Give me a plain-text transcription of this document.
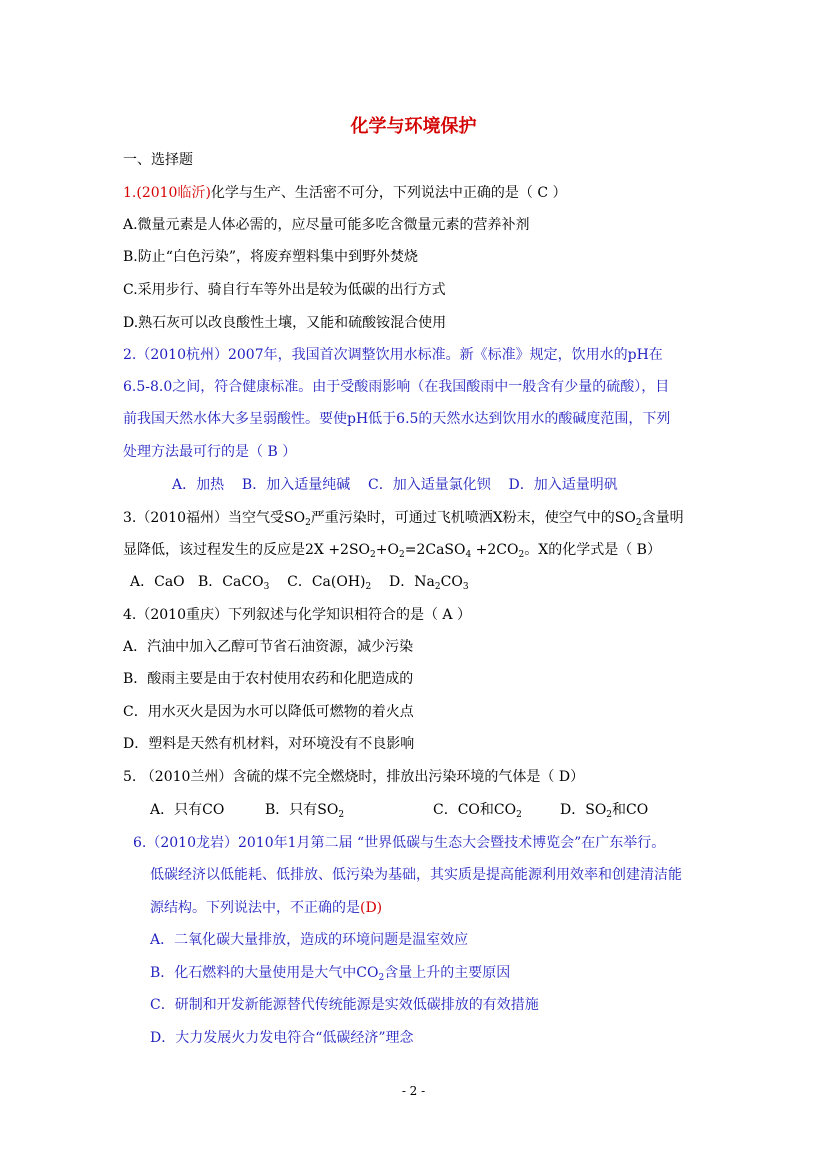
化学与环境保护
一、选择题
1.(2010临沂)化学与生产、生活密不可分，下列说法中正确的是（ C ）
A.微量元素是人体必需的，应尽量可能多吃含微量元素的营养补剂
B.防止“白色污染”，将废弃塑料集中到野外焚烧
C.采用步行、骑自行车等外出是较为低碳的出行方式
D.熟石灰可以改良酸性土壤，又能和硫酸铵混合使用
2.（2010杭州）2007年，我国首次调整饮用水标准。新《标准》规定，饮用水的pH在
6.5-8.0之间，符合健康标准。由于受酸雨影响（在我国酸雨中一般含有少量的硫酸），目
前我国天然水体大多呈弱酸性。要使pH低于6.5的天然水达到饮用水的酸碱度范围，下列
处理方法最可行的是（ B ）
A．加热    B．加入适量纯碱    C．加入适量氯化钡    D．加入适量明矾
3.（2010福州）当空气受$SO_2$严重污染时，可通过飞机喷洒X粉末，使空气中的$SO_2$含量明
显降低，该过程发生的反应是$2X +2SO_2+O_2=2CaSO_4 +2CO_2$。X的化学式是（ B）
A．CaO B．CaCO$_3$ C．$Ca(OH)_2$ D．$Na_2CO_3$
4.（2010重庆）下列叙述与化学知识相符合的是（ A ）
A．汽油中加入乙醇可节省石油资源，减少污染
B．酸雨主要是由于农村使用农药和化肥造成的
C．用水灭火是因为水可以降低可燃物的着火点
D．塑料是天然有机材料，对环境没有不良影响
5. （2010兰州）含硫的煤不完全燃烧时，排放出污染环境的气体是（ D）
A．只有CO	B．只有$SO_2$	C．CO和$CO_2$	D．$SO_2$和CO
6.（2010龙岩）2010年1月第二届 “世界低碳与生态大会暨技术博览会”在广东举行。
低碳经济以低能耗、低排放、低污染为基础，其实质是提高能源利用效率和创建清洁能
源结构。下列说法中，不正确的是(D)
A．二氧化碳大量排放，造成的环境问题是温室效应
B．化石燃料的大量使用是大气中$CO_2$含量上升的主要原因
C．研制和开发新能源替代传统能源是实效低碳排放的有效措施
D．大力发展火力发电符合“低碳经济”理念
- 2 -
